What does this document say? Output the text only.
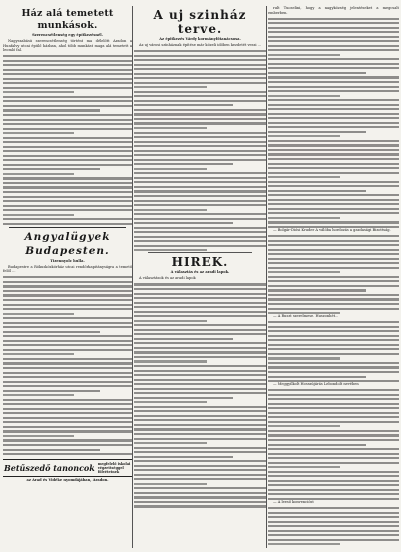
Ház alá temetett munkások.
Szerencsétlenség egy építkezésnél.

Nagyszabású szerencsétlenség történt ma délelőtt Aradon a Hunfalvy utcai épülő házban, ahol több munkást maga alá temetett a leomló fal.

Angyalügyek Budapesten.
Tizennyolc hulla.

Budapestre a Rókusközkórház utcai rendőrkapitányságra a temető felől ...

Betűszedő tanoncok megfelelő iskolai végzettséggel fölvétetnek
az Arad és Vidéke nyomdájában, Aradon.
A uj szinház terve.
Az épitkezés Várdy kormányfőtanácsosa.

Az uj városi színháznak építése már közeli időben kezdetét veszi ...

HIREK.
A választás és az aradi lapok.

A választások és az aradi lapok

rult Tuoselini, hogy a nagyközség jelentéseket a megcsalt emberben.

— Bolgár-Diósi Kruder A válóba hordozás a gazdasági Bizottság.

— A Ruszt szerelmese. Huszonhét...

— Meggyilkolt Hosszújárás Lebondolt nevében

— A leeső konvencióst
